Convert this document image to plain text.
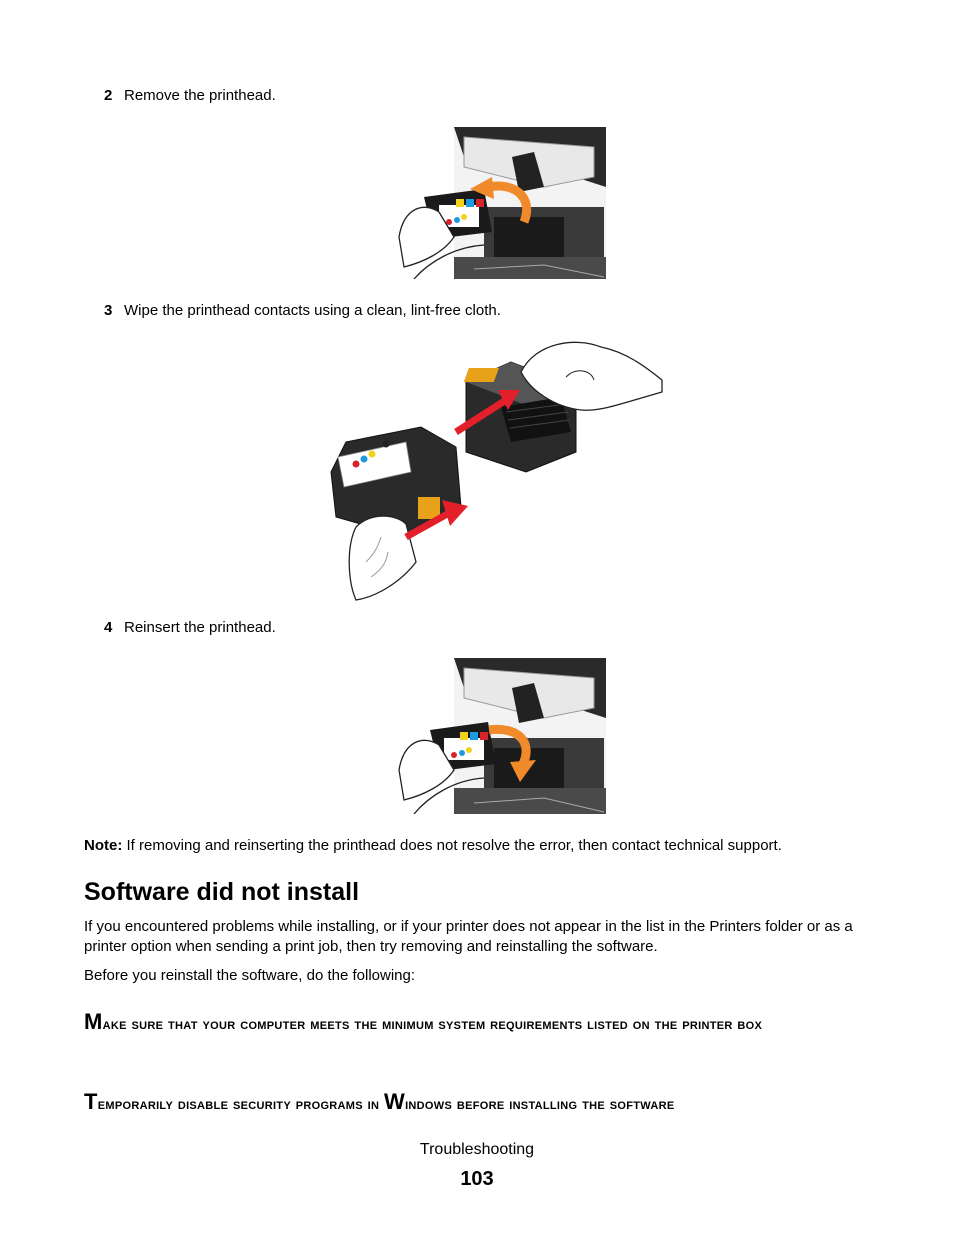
2 Remove the printhead.
3 Wipe the printhead contacts using a clean, lint-free cloth.
4 Reinsert the printhead.
Note: If removing and reinserting the printhead does not resolve the error, then contact technical support.
Software did not install
If you encountered problems while installing, or if your printer does not appear in the list in the Printers folder or as a printer option when sending a print job, then try removing and reinstalling the software.
Before you reinstall the software, do the following:
Make sure that your computer meets the minimum system requirements listed on the printer box
Temporarily disable security programs in Windows before installing the software
Troubleshooting
103
